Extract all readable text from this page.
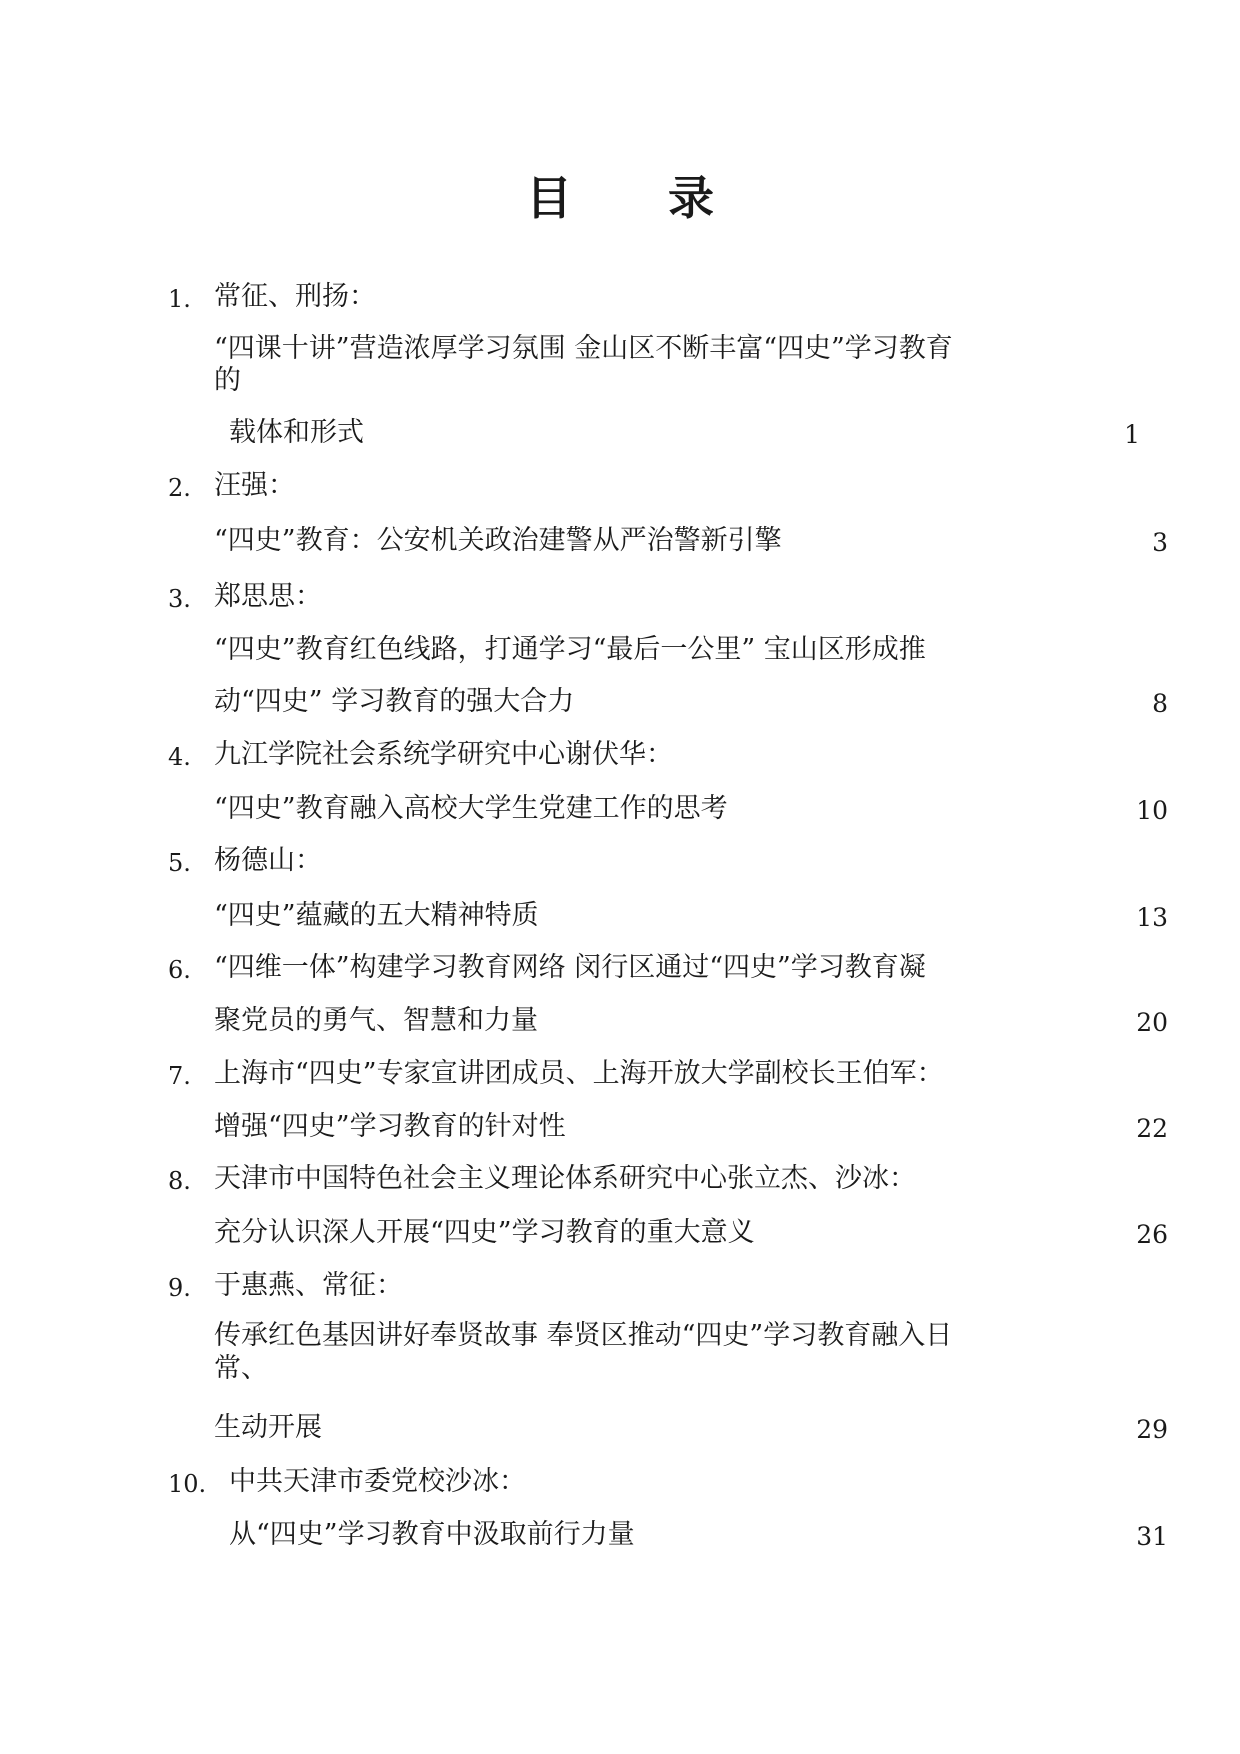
目 录
1. 常征、刑扬：
“四课十讲”营造浓厚学习氛围 金山区不断丰富“四史”学习教育
的
载体和形式	1
2. 汪强：
“四史”教育：公安机关政治建警从严治警新引擎	3
3. 郑思思：
“四史”教育红色线路，打通学习“最后一公里” 宝山区形成推
动“四史” 学习教育的强大合力	8
4. 九江学院社会系统学研究中心谢伏华：
“四史”教育融入高校大学生党建工作的思考	10
5. 杨德山：
“四史”蕴藏的五大精神特质	13
6. “四维一体”构建学习教育网络 闵行区通过“四史”学习教育凝
聚党员的勇气、智慧和力量	20
7. 上海市“四史”专家宣讲团成员、上海开放大学副校长王伯军：
增强“四史”学习教育的针对性	22
8. 天津市中国特色社会主义理论体系研究中心张立杰、沙冰：
充分认识深人开展“四史”学习教育的重大意义	26
9. 于惠燕、常征：
传承红色基因讲好奉贤故事 奉贤区推动“四史”学习教育融入日
常、
生动开展	29
10. 中共天津市委党校沙冰：
从“四史”学习教育中汲取前行力量	31
